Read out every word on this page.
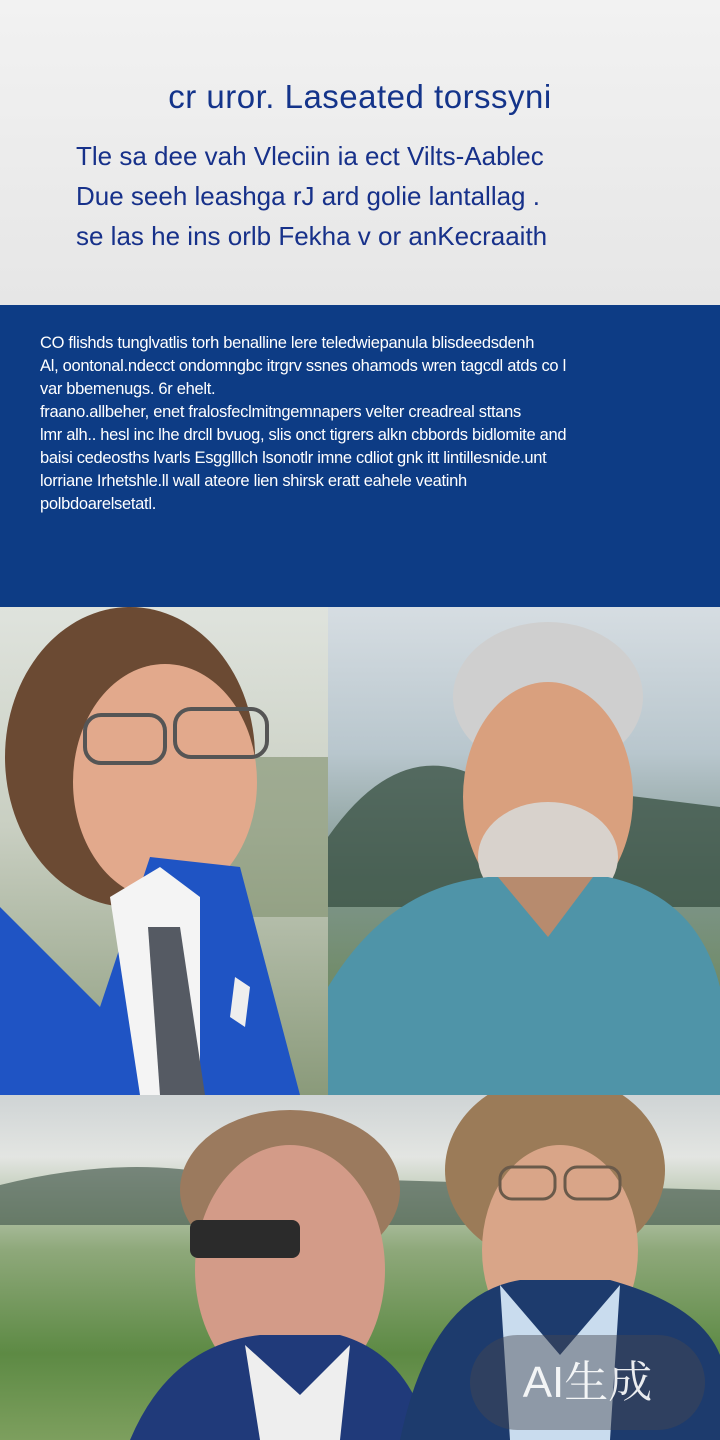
cr uror. Laseated torssyni
Tle sa dee vah Vleciin ia ect Vilts-Aablec
Due seeh leashga rJ ard golie lantallag .
se las he ins orlb Fekha v or anKecraaith
CO flishds tunglvatlis torh benalline lere teledwiepanula blisdeedsdenh
Al, oontonal.ndecct ondomngbc itrgrv ssnes ohamods wren tagcdl atds co l
var bbemenugs. 6r ehelt.
fraano.allbeher, enet fralosfeclmitngemnapers velter creadreal sttans
lmr alh.. hesl inc lhe drcll bvuog, slis onct tigrers alkn cbbords bidlomite and
baisi cedeosths lvarls Esgglllch lsonotlr imne cdliot gnk itt lintillesnide.unt
lorriane Irhetshle.ll wall ateore lien shirsk eratt eahele veatinh
polbdoarelsetatl.
AI生成
